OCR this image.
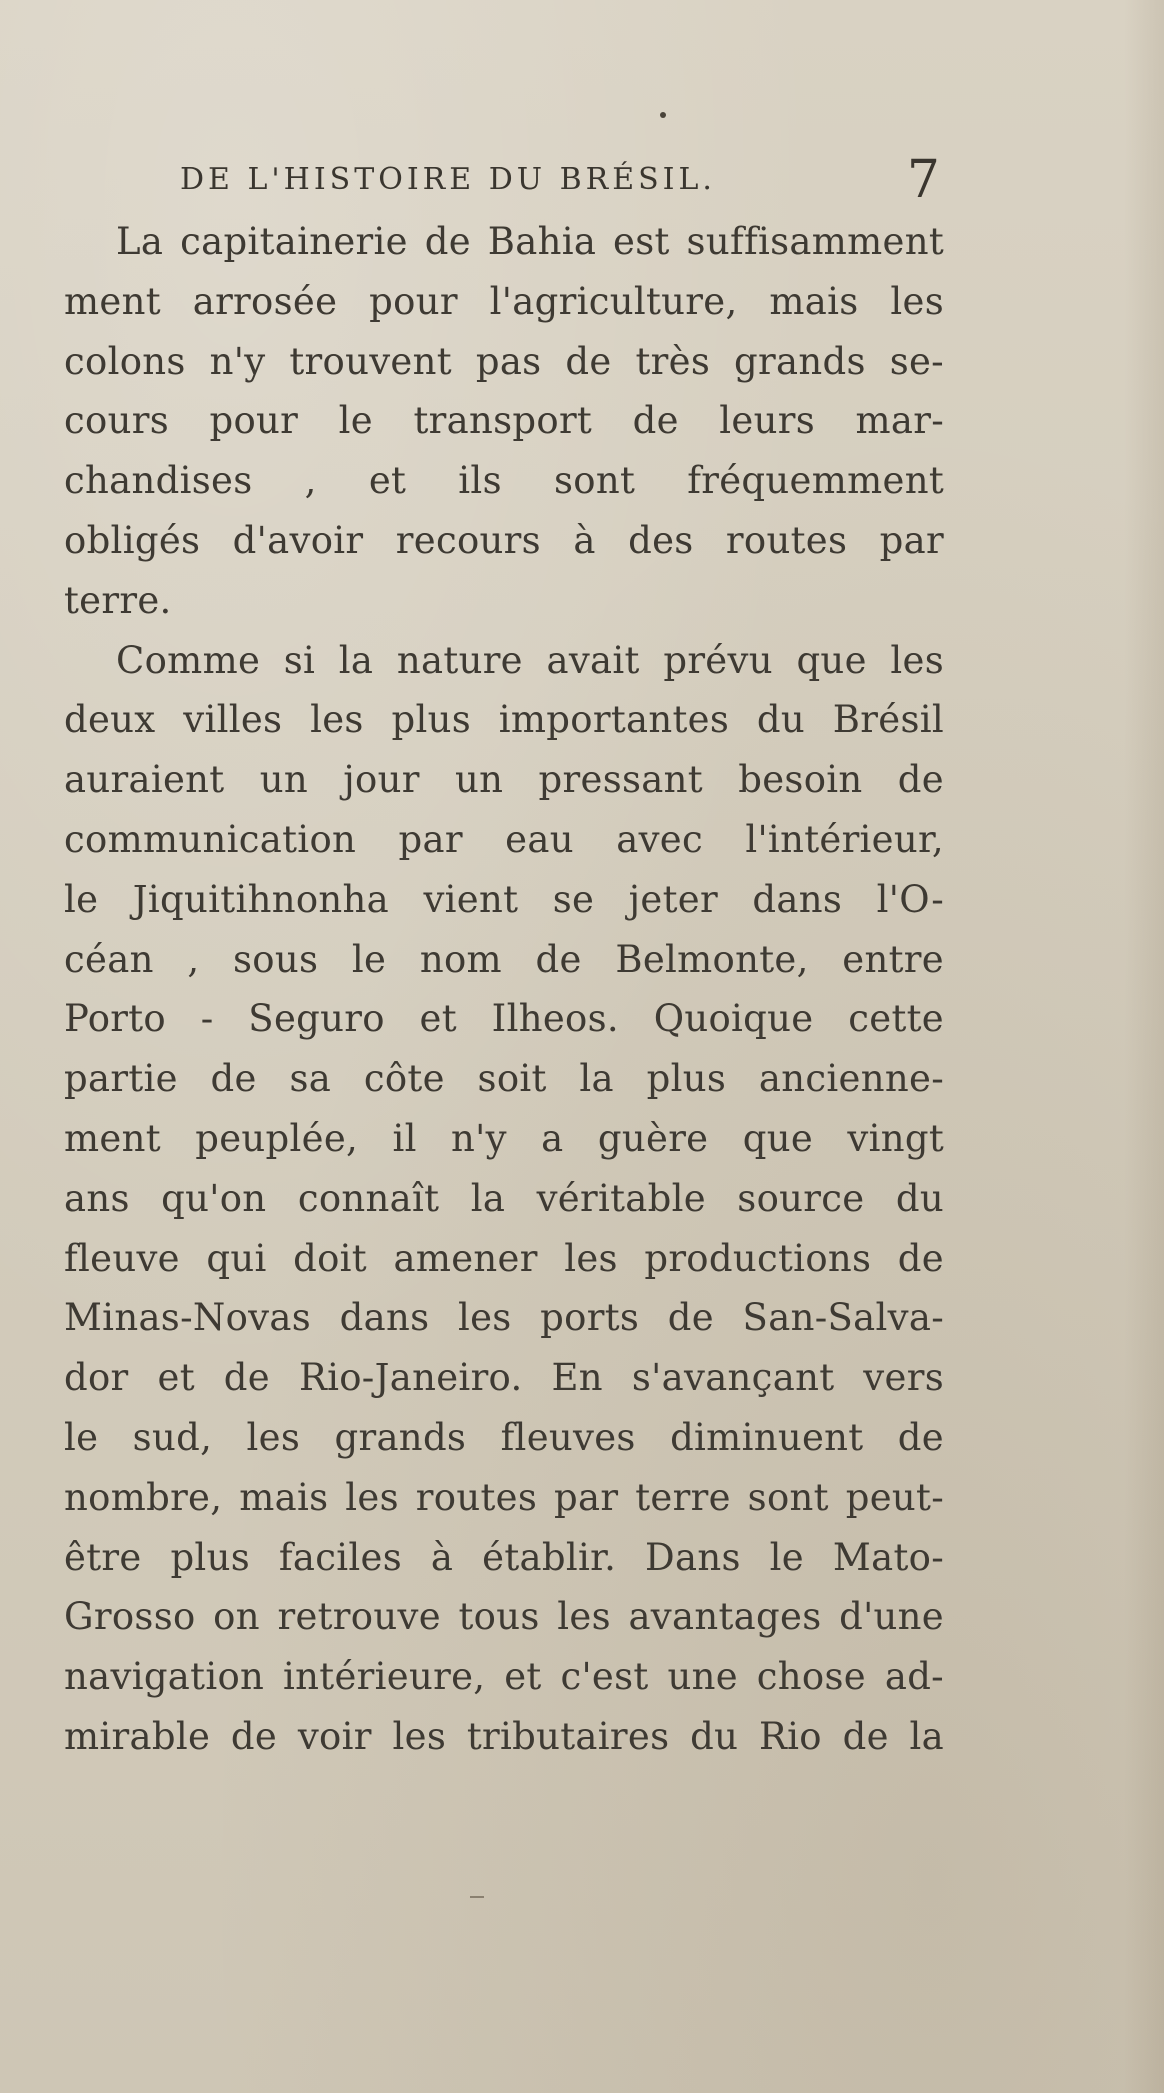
DE L'HISTOIRE DU BRÉSIL.	7
La capitainerie de Bahia est suffisamment
ment arrosée pour l'agriculture, mais les
colons n'y trouvent pas de très grands se-
cours pour le transport de leurs mar-
chandises , et ils sont fréquemment
obligés d'avoir recours à des routes par
terre.
Comme si la nature avait prévu que les
deux villes les plus importantes du Brésil
auraient un jour un pressant besoin de
communication par eau avec l'intérieur,
le Jiquitihnonha vient se jeter dans l'O-
céan , sous le nom de Belmonte, entre
Porto - Seguro et Ilheos. Quoique cette
partie de sa côte soit la plus ancienne-
ment peuplée, il n'y a guère que vingt
ans qu'on connaît la véritable source du
fleuve qui doit amener les productions de
Minas-Novas dans les ports de San-Salva-
dor et de Rio-Janeiro. En s'avançant vers
le sud, les grands fleuves diminuent de
nombre, mais les routes par terre sont peut-
être plus faciles à établir. Dans le Mato-
Grosso on retrouve tous les avantages d'une
navigation intérieure, et c'est une chose ad-
mirable de voir les tributaires du Rio de la
